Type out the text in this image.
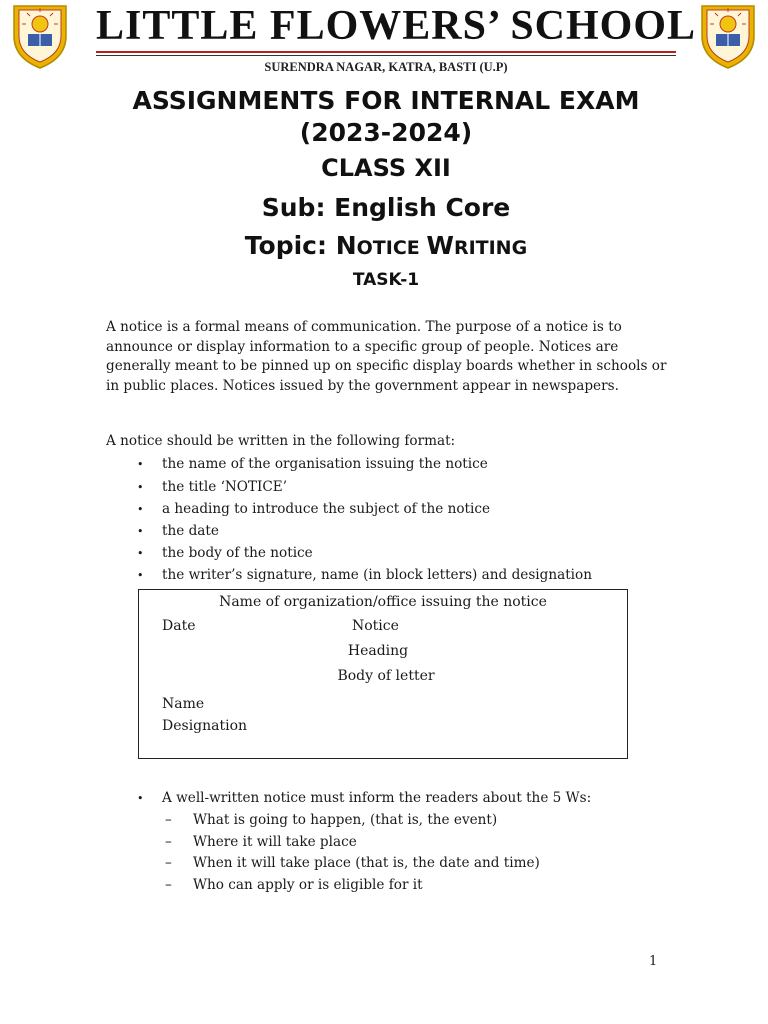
LITTLE FLOWERS’ SCHOOL
SURENDRA NAGAR, KATRA, BASTI (U.P)
ASSIGNMENTS FOR INTERNAL EXAM
(2023-2024)
CLASS XII
Sub: English Core
Topic: NOTICE WRITING
TASK-1

A notice is a formal means of communication. The purpose of a notice is to announce or display information to a specific group of people. Notices are generally meant to be pinned up on specific display boards whether in schools or in public places. Notices issued by the government appear in newspapers.

A notice should be written in the following format:

• the name of the organisation issuing the notice
• the title ‘NOTICE’
• a heading to introduce the subject of the notice
• the date
• the body of the notice
• the writer’s signature, name (in block letters) and designation
Name of organization/office issuing the notice
Date	Notice
Heading
Body of letter
Name
Designation
• A well-written notice must inform the readers about the 5 Ws:
– What is going to happen, (that is, the event)
– Where it will take place
– When it will take place (that is, the date and time)
– Who can apply or is eligible for it
1
